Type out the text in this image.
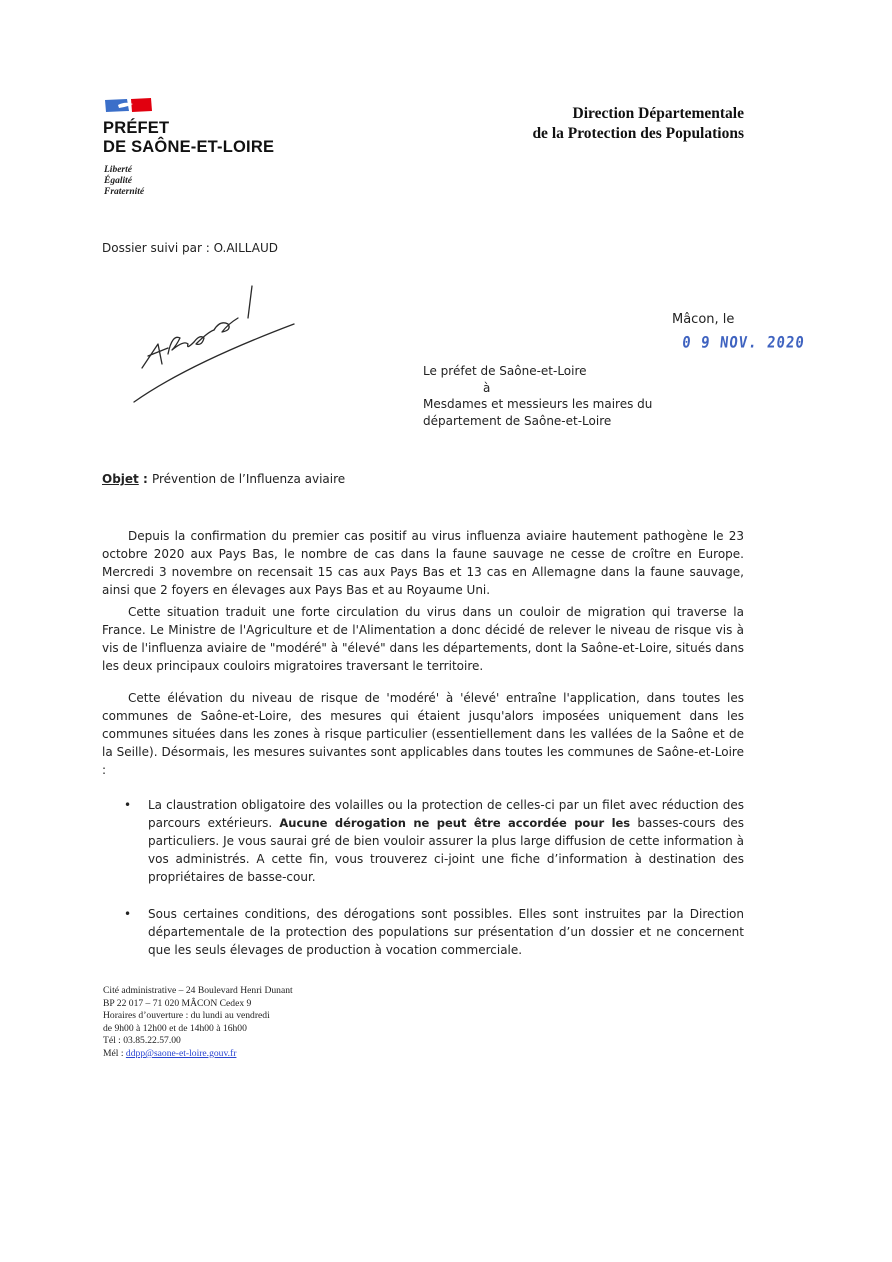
PRÉFET
DE SAÔNE-ET-LOIRE
Liberté
Égalité
Fraternité
Direction Départementale
de la Protection des Populations
Dossier suivi par : O.AILLAUD
Mâcon, le
0 9 NOV. 2020
Le préfet de Saône-et-Loire
à
Mesdames et messieurs les maires du
département de Saône-et-Loire
Objet : Prévention de l’Influenza aviaire
Depuis la confirmation du premier cas positif au virus influenza aviaire hautement pathogène le 23 octobre 2020 aux Pays Bas, le nombre de cas dans la faune sauvage ne cesse de croître en Europe. Mercredi 3 novembre on recensait 15 cas aux Pays Bas et 13 cas en Allemagne dans la faune sauvage, ainsi que 2 foyers en élevages aux Pays Bas et au Royaume Uni.
Cette situation traduit une forte circulation du virus dans un couloir de migration qui traverse la France. Le Ministre de l'Agriculture et de l'Alimentation a donc décidé de relever le niveau de risque vis à vis de l'influenza aviaire de "modéré" à "élevé" dans les départements, dont la Saône-et-Loire, situés dans les deux principaux couloirs migratoires traversant le territoire.
Cette élévation du niveau de risque de 'modéré' à 'élevé' entraîne l'application, dans toutes les communes de Saône-et-Loire, des mesures qui étaient jusqu'alors imposées uniquement dans les communes situées dans les zones à risque particulier (essentiellement dans les vallées de la Saône et de la Seille). Désormais, les mesures suivantes sont applicables dans toutes les communes de Saône-et-Loire :
• La claustration obligatoire des volailles ou la protection de celles-ci par un filet avec réduction des parcours extérieurs. Aucune dérogation ne peut être accordée pour les basses-cours des particuliers. Je vous saurai gré de bien vouloir assurer la plus large diffusion de cette information à vos administrés. A cette fin, vous trouverez ci-joint une fiche d’information à destination des propriétaires de basse-cour.
• Sous certaines conditions, des dérogations sont possibles. Elles sont instruites par la Direction départementale de la protection des populations sur présentation d’un dossier et ne concernent que les seuls élevages de production à vocation commerciale.
Cité administrative – 24 Boulevard Henri Dunant
BP 22 017 – 71 020 MÂCON Cedex 9
Horaires d’ouverture : du lundi au vendredi
de 9h00 à 12h00 et de 14h00 à 16h00
Tél : 03.85.22.57.00
Mél : ddpp@saone-et-loire.gouv.fr
